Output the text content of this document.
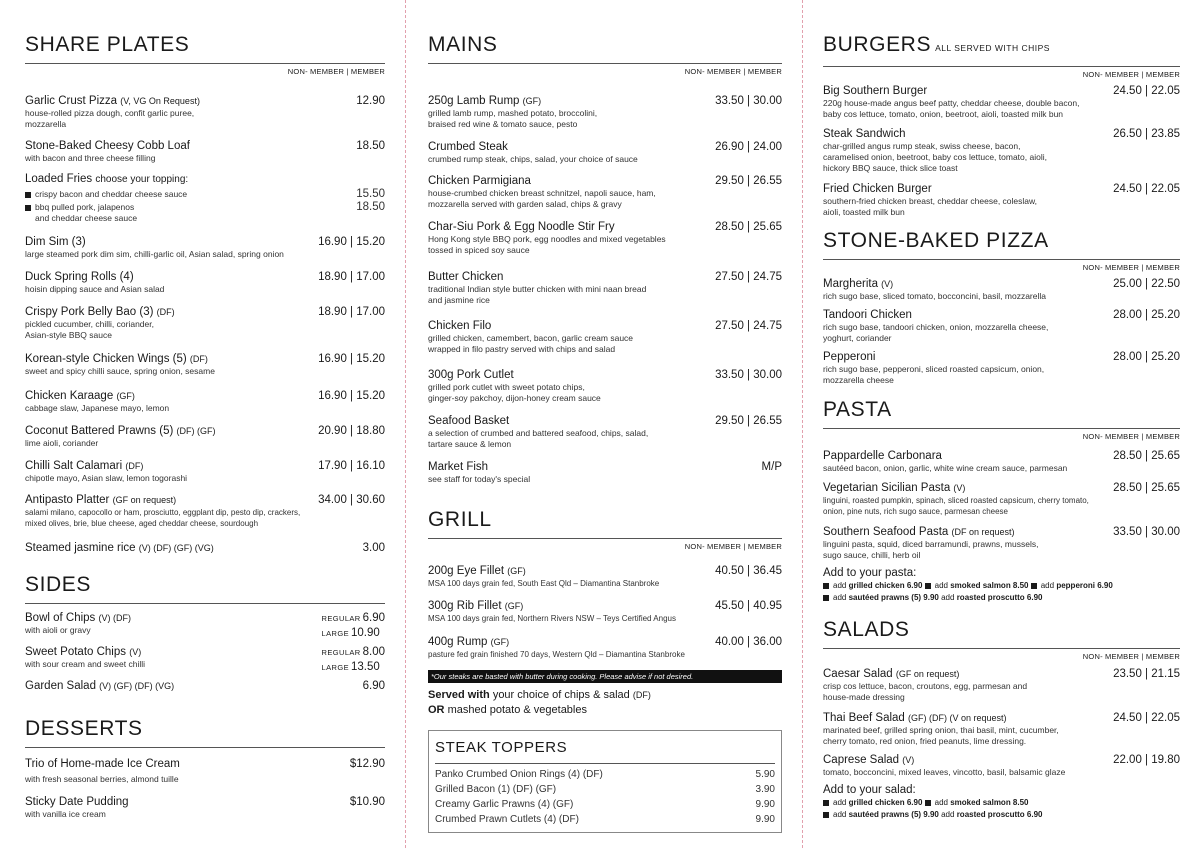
SHARE PLATES
NON- MEMBER | MEMBER
Garlic Crust Pizza (V, VG On Request)
house-rolled pizza dough, confit garlic puree,
mozzarella
12.90
Stone-Baked Cheesy Cobb Loaf
with bacon and three cheese filling
18.50
Loaded Fries choose your topping:
crispy bacon and cheddar cheese sauce	15.50
bbq pulled pork, jalapenos	18.50
and cheddar cheese sauce
Dim Sim (3)
large steamed pork dim sim, chilli-garlic oil, Asian salad, spring onion
16.90 | 15.20
Duck Spring Rolls (4)
hoisin dipping sauce and Asian salad
18.90 | 17.00
Crispy Pork Belly Bao (3) (DF)
pickled cucumber, chilli, coriander,
Asian-style BBQ sauce
18.90 | 17.00
Korean-style Chicken Wings (5) (DF)
sweet and spicy chilli sauce, spring onion, sesame
16.90 | 15.20
Chicken Karaage (GF)
cabbage slaw, Japanese mayo, lemon
16.90 | 15.20
Coconut Battered Prawns (5) (DF) (GF)
lime aioli, coriander
20.90 | 18.80
Chilli Salt Calamari (DF)
chipotle mayo, Asian slaw, lemon togorashi
17.90 | 16.10
Antipasto Platter (GF on request)
salami milano, capocollo or ham, prosciutto, eggplant dip, pesto dip, crackers,
mixed olives, brie, blue cheese, aged cheddar cheese, sourdough
34.00 | 30.60
Steamed jasmine rice (V) (DF) (GF) (VG)	3.00
SIDES
Bowl of Chips (V) (DF)
with aioli or gravy
REGULAR 6.90
LARGE 10.90
Sweet Potato Chips (V)
with sour cream and sweet chilli
REGULAR 8.00
LARGE 13.50
Garden Salad (V) (GF) (DF) (VG)	6.90
DESSERTS
Trio of Home-made Ice Cream
with fresh seasonal berries, almond tuille
$12.90
Sticky Date Pudding
with vanilla ice cream
$10.90
MAINS
NON- MEMBER | MEMBER
250g Lamb Rump (GF)
grilled lamb rump, mashed potato, broccolini,
braised red wine & tomato sauce, pesto
33.50 | 30.00
Crumbed Steak
crumbed rump steak, chips, salad, your choice of sauce
26.90 | 24.00
Chicken Parmigiana
house-crumbed chicken breast schnitzel, napoli sauce, ham,
mozzarella served with garden salad, chips & gravy
29.50 | 26.55
Char-Siu Pork & Egg Noodle Stir Fry
Hong Kong style BBQ pork, egg noodles and mixed vegetables
tossed in spiced soy sauce
28.50 | 25.65
Butter Chicken
traditional Indian style butter chicken with mini naan bread
and jasmine rice
27.50 | 24.75
Chicken Filo
grilled chicken, camembert, bacon, garlic cream sauce
wrapped in filo pastry served with chips and salad
27.50 | 24.75
300g Pork Cutlet
grilled pork cutlet with sweet potato chips,
ginger-soy pakchoy, dijon-honey cream sauce
33.50 | 30.00
Seafood Basket
a selection of crumbed and battered seafood, chips, salad,
tartare sauce & lemon
29.50 | 26.55
Market Fish
see staff for today's special
M/P
GRILL
NON- MEMBER | MEMBER
200g Eye Fillet (GF)
MSA 100 days grain fed, South East Qld – Diamantina Stanbroke
40.50 | 36.45
300g Rib Fillet (GF)
MSA 100 days grain fed, Northern Rivers NSW – Teys Certified Angus
45.50 | 40.95
400g Rump (GF)
pasture fed grain finished 70 days, Western Qld – Diamantina Stanbroke
40.00 | 36.00
*Our steaks are basted with butter during cooking. Please advise if not desired.
Served with your choice of chips & salad (DF)
OR mashed potato & vegetables
STEAK TOPPERS
Panko Crumbed Onion Rings (4) (DF)	5.90
Grilled Bacon (1) (DF) (GF)	3.90
Creamy Garlic Prawns (4) (GF)	9.90
Crumbed Prawn Cutlets (4) (DF)	9.90
BURGERS ALL SERVED WITH CHIPS
NON- MEMBER | MEMBER
Big Southern Burger
220g house-made angus beef patty, cheddar cheese, double bacon,
baby cos lettuce, tomato, onion, beetroot, aioli, toasted milk bun
24.50 | 22.05
Steak Sandwich
char-grilled angus rump steak, swiss cheese, bacon,
caramelised onion, beetroot, baby cos lettuce, tomato, aioli,
hickory BBQ sauce, thick slice toast
26.50 | 23.85
Fried Chicken Burger
southern-fried chicken breast, cheddar cheese, coleslaw,
aioli, toasted milk bun
24.50 | 22.05
STONE-BAKED PIZZA
NON- MEMBER | MEMBER
Margherita (V)
rich sugo base, sliced tomato, bocconcini, basil, mozzarella
25.00 | 22.50
Tandoori Chicken
rich sugo base, tandoori chicken, onion, mozzarella cheese,
yoghurt, coriander
28.00 | 25.20
Pepperoni
rich sugo base, pepperoni, sliced roasted capsicum, onion,
mozzarella cheese
28.00 | 25.20
PASTA
NON- MEMBER | MEMBER
Pappardelle Carbonara
sautéed bacon, onion, garlic, white wine cream sauce, parmesan
28.50 | 25.65
Vegetarian Sicilian Pasta (V)
linguini, roasted pumpkin, spinach, sliced roasted capsicum, cherry tomato,
onion, pine nuts, rich sugo sauce, parmesan cheese
28.50 | 25.65
Southern Seafood Pasta (DF on request)
linguini pasta, squid, diced barramundi, prawns, mussels,
sugo sauce, chilli, herb oil
33.50 | 30.00
Add to your pasta:
add grilled chicken 6.90 add smoked salmon 8.50 add pepperoni 6.90
add sautéed prawns (5) 9.90 add roasted proscutto 6.90
SALADS
NON- MEMBER | MEMBER
Caesar Salad (GF on request)
crisp cos lettuce, bacon, croutons, egg, parmesan and
house-made dressing
23.50 | 21.15
Thai Beef Salad (GF) (DF) (V on request)
marinated beef, grilled spring onion, thai basil, mint, cucumber,
cherry tomato, red onion, fried peanuts, lime dressing.
24.50 | 22.05
Caprese Salad (V)
tomato, bocconcini, mixed leaves, vincotto, basil, balsamic glaze
22.00 | 19.80
Add to your salad:
add grilled chicken 6.90 add smoked salmon 8.50
add sautéed prawns (5) 9.90 add roasted proscutto 6.90
